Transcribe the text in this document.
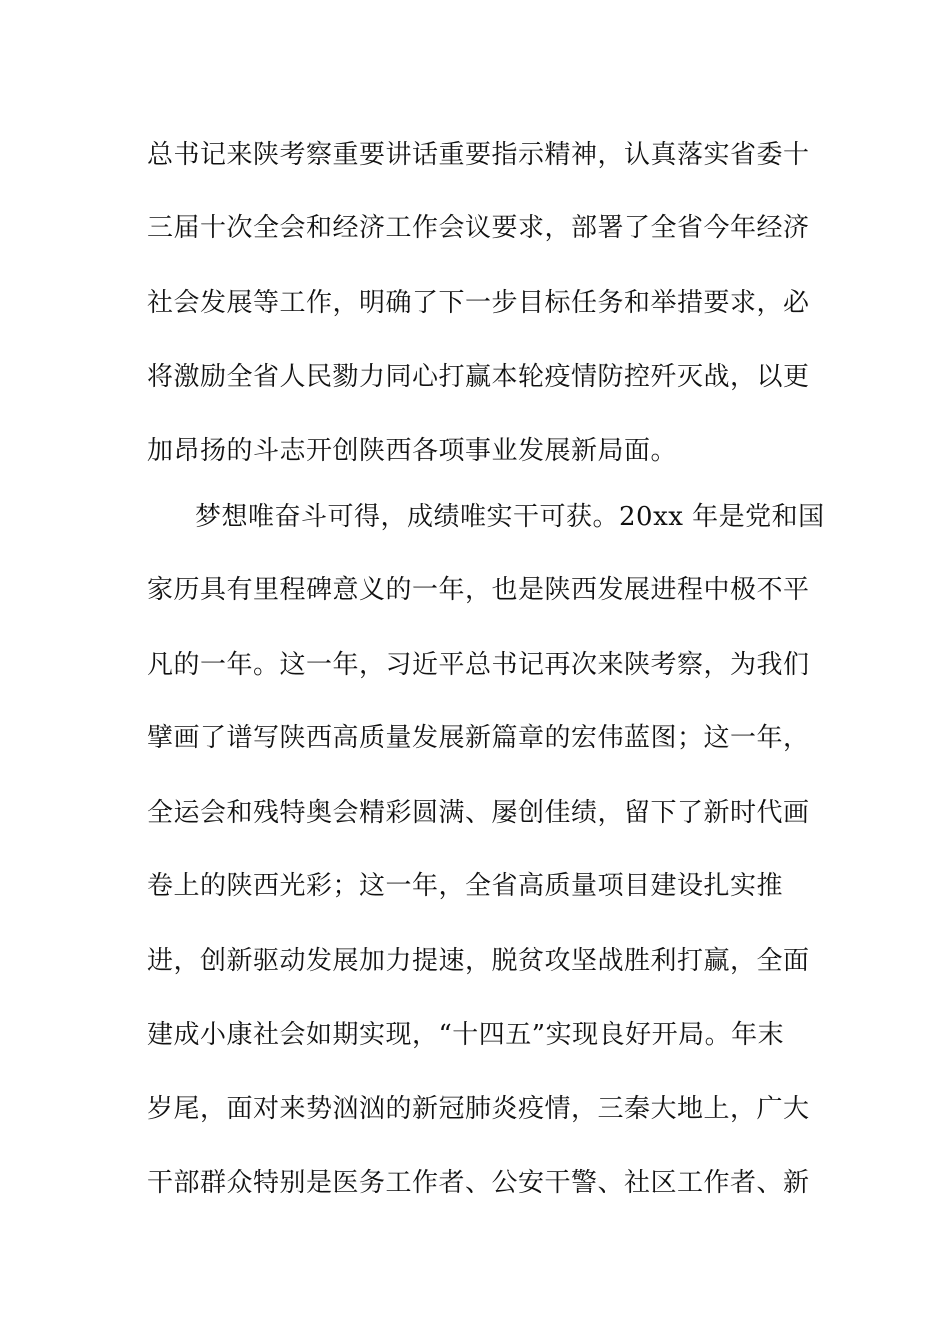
总书记来陕考察重要讲话重要指示精神，认真落实省委十
三届十次全会和经济工作会议要求，部署了全省今年经济
社会发展等工作，明确了下一步目标任务和举措要求，必
将激励全省人民勠力同心打赢本轮疫情防控歼灭战，以更
加昂扬的斗志开创陕西各项事业发展新局面。
梦想唯奋斗可得，成绩唯实干可获。20xx 年是党和国
家历具有里程碑意义的一年，也是陕西发展进程中极不平
凡的一年。这一年，习近平总书记再次来陕考察，为我们
擘画了谱写陕西高质量发展新篇章的宏伟蓝图；这一年，
全运会和残特奥会精彩圆满、屡创佳绩，留下了新时代画
卷上的陕西光彩；这一年，全省高质量项目建设扎实推
进，创新驱动发展加力提速，脱贫攻坚战胜利打赢，全面
建成小康社会如期实现，“十四五”实现良好开局。年末
岁尾，面对来势汹汹的新冠肺炎疫情，三秦大地上，广大
干部群众特别是医务工作者、公安干警、社区工作者、新
